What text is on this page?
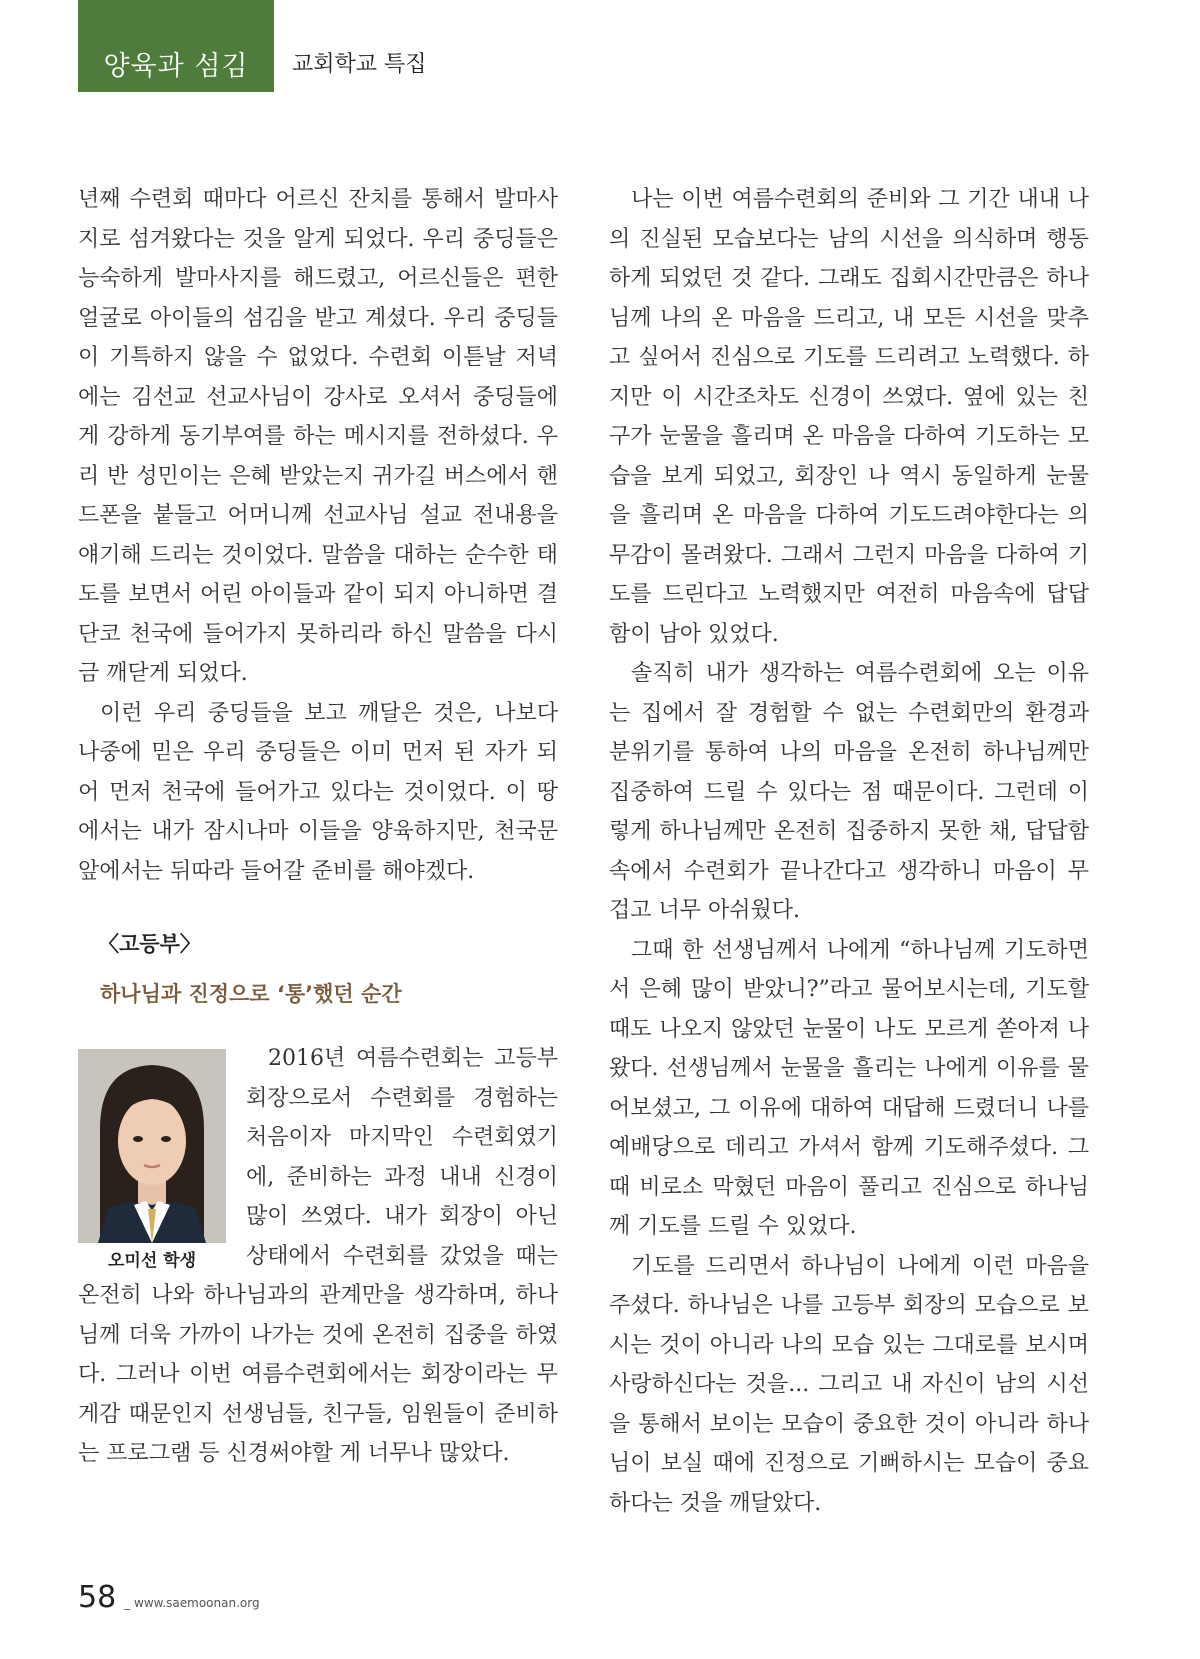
양육과 섬김	교회학교 특집

년째 수련회 때마다 어르신 잔치를 통해서 발마사지로 섬겨왔다는 것을 알게 되었다. 우리 중딩들은 능숙하게 발마사지를 해드렸고, 어르신들은 편한 얼굴로 아이들의 섬김을 받고 계셨다. 우리 중딩들이 기특하지 않을 수 없었다. 수련회 이튿날 저녁에는 김선교 선교사님이 강사로 오셔서 중딩들에게 강하게 동기부여를 하는 메시지를 전하셨다. 우리 반 성민이는 은혜 받았는지 귀가길 버스에서 핸드폰을 붙들고 어머니께 선교사님 설교 전내용을 얘기해 드리는 것이었다. 말씀을 대하는 순수한 태도를 보면서 어린 아이들과 같이 되지 아니하면 결단코 천국에 들어가지 못하리라 하신 말씀을 다시금 깨닫게 되었다.

이런 우리 중딩들을 보고 깨달은 것은, 나보다 나중에 믿은 우리 중딩들은 이미 먼저 된 자가 되어 먼저 천국에 들어가고 있다는 것이었다. 이 땅에서는 내가 잠시나마 이들을 양육하지만, 천국문 앞에서는 뒤따라 들어갈 준비를 해야겠다.

〈고등부〉

하나님과 진정으로 ‘통’했던 순간

오미선 학생

2016년 여름수련회는 고등부 회장으로서 수련회를 경험하는 처음이자 마지막인 수련회였기에, 준비하는 과정 내내 신경이 많이 쓰였다. 내가 회장이 아닌 상태에서 수련회를 갔었을 때는 온전히 나와 하나님과의 관계만을 생각하며, 하나님께 더욱 가까이 나가는 것에 온전히 집중을 하였다. 그러나 이번 여름수련회에서는 회장이라는 무게감 때문인지 선생님들, 친구들, 임원들이 준비하는 프로그램 등 신경써야할 게 너무나 많았다.

나는 이번 여름수련회의 준비와 그 기간 내내 나의 진실된 모습보다는 남의 시선을 의식하며 행동하게 되었던 것 같다. 그래도 집회시간만큼은 하나님께 나의 온 마음을 드리고, 내 모든 시선을 맞추고 싶어서 진심으로 기도를 드리려고 노력했다. 하지만 이 시간조차도 신경이 쓰였다. 옆에 있는 친구가 눈물을 흘리며 온 마음을 다하여 기도하는 모습을 보게 되었고, 회장인 나 역시 동일하게 눈물을 흘리며 온 마음을 다하여 기도드려야한다는 의무감이 몰려왔다. 그래서 그런지 마음을 다하여 기도를 드린다고 노력했지만 여전히 마음속에 답답함이 남아 있었다.

솔직히 내가 생각하는 여름수련회에 오는 이유는 집에서 잘 경험할 수 없는 수련회만의 환경과 분위기를 통하여 나의 마음을 온전히 하나님께만 집중하여 드릴 수 있다는 점 때문이다. 그런데 이렇게 하나님께만 온전히 집중하지 못한 채, 답답함 속에서 수련회가 끝나간다고 생각하니 마음이 무겁고 너무 아쉬웠다.

그때 한 선생님께서 나에게 “하나님께 기도하면서 은혜 많이 받았니?”라고 물어보시는데, 기도할 때도 나오지 않았던 눈물이 나도 모르게 쏟아져 나왔다. 선생님께서 눈물을 흘리는 나에게 이유를 물어보셨고, 그 이유에 대하여 대답해 드렸더니 나를 예배당으로 데리고 가셔서 함께 기도해주셨다. 그 때 비로소 막혔던 마음이 풀리고 진심으로 하나님께 기도를 드릴 수 있었다.

기도를 드리면서 하나님이 나에게 이런 마음을 주셨다. 하나님은 나를 고등부 회장의 모습으로 보시는 것이 아니라 나의 모습 있는 그대로를 보시며 사랑하신다는 것을... 그리고 내 자신이 남의 시선을 통해서 보이는 모습이 중요한 것이 아니라 하나님이 보실 때에 진정으로 기뻐하시는 모습이 중요하다는 것을 깨달았다.

58 _ www.saemoonan.org
